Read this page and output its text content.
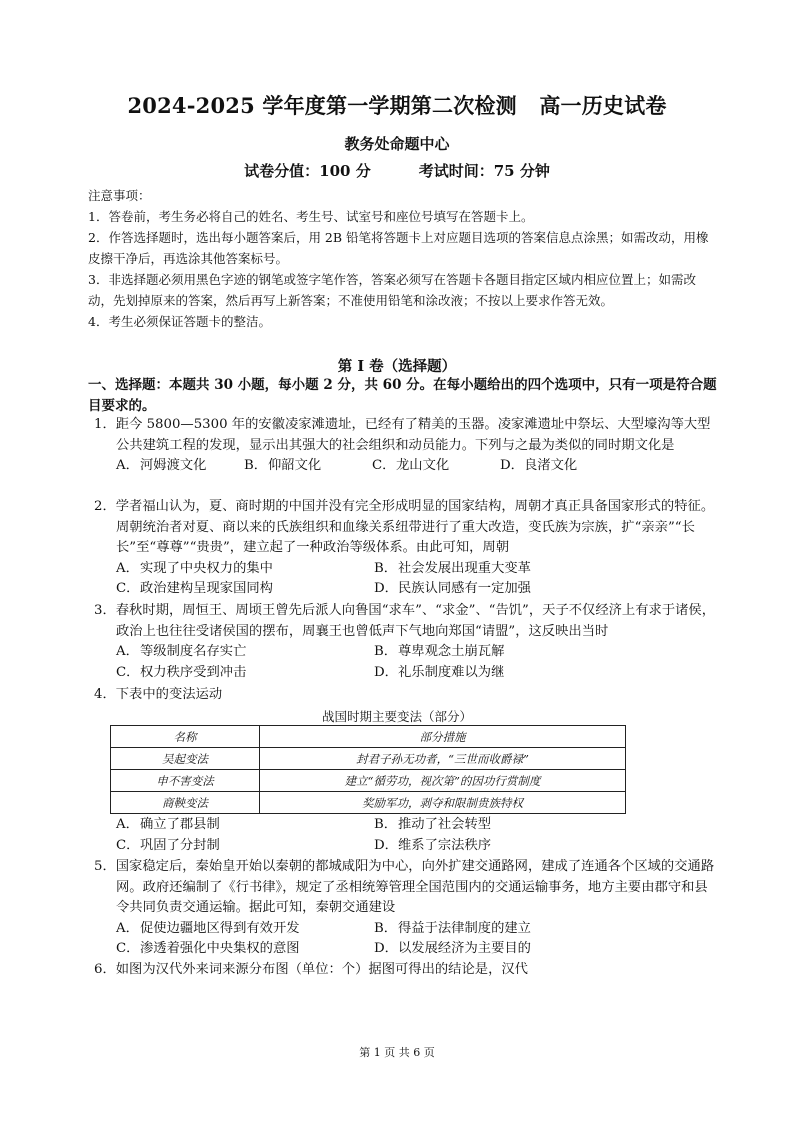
2024-2025 学年度第一学期第二次检测   高一历史试卷
教务处命题中心
试卷分值：100 分	考试时间：75 分钟

注意事项：

1．答卷前，考生务必将自己的姓名、考生号、试室号和座位号填写在答题卡上。

2．作答选择题时，选出每小题答案后，用 2B 铅笔将答题卡上对应题目选项的答案信息点涂黑；如需改动，用橡皮擦干净后，再选涂其他答案标号。

3．非选择题必须用黑色字迹的钢笔或签字笔作答，答案必须写在答题卡各题目指定区域内相应位置上；如需改动，先划掉原来的答案，然后再写上新答案；不准使用铅笔和涂改液；不按以上要求作答无效。

4．考生必须保证答题卡的整洁。

第 Ⅰ 卷（选择题）
一、选择题：本题共 30 小题，每小题 2 分，共 60 分。在每小题给出的四个选项中，只有一项是符合题目要求的。
1．距今 5800—5300 年的安徽凌家滩遗址，已经有了精美的玉器。凌家滩遗址中祭坛、大型壕沟等大型公共建筑工程的发现，显示出其强大的社会组织和动员能力。下列与之最为类似的同时期文化是
A．河姆渡文化	B．仰韶文化	C．龙山文化	D．良渚文化
2．学者福山认为，夏、商时期的中国并没有完全形成明显的国家结构，周朝才真正具备国家形式的特征。周朝统治者对夏、商以来的氏族组织和血缘关系纽带进行了重大改造，变氏族为宗族，扩“亲亲”“长长”至“尊尊”“贵贵”，建立起了一种政治等级体系。由此可知，周朝
A．实现了中央权力的集中	B．社会发展出现重大变革
C．政治建构呈现家国同构	D．民族认同感有一定加强
3．春秋时期，周恒王、周顷王曾先后派人向鲁国“求车”、“求金”、“告饥”，天子不仅经济上有求于诸侯，政治上也往往受诸侯国的摆布，周襄王也曾低声下气地向郑国“请盟”，这反映出当时
A．等级制度名存实亡	B．尊卑观念土崩瓦解
C．权力秩序受到冲击	D．礼乐制度难以为继
4．下表中的变法运动
战国时期主要变法（部分）
名称	部分措施
吴起变法	封君子孙无功者，“三世而收爵禄”
申不害变法	建立“循劳功，视次第”的因功行赏制度
商鞅变法	奖励军功，剥夺和限制贵族特权
A．确立了郡县制	B．推动了社会转型
C．巩固了分封制	D．维系了宗法秩序
5．国家稳定后，秦始皇开始以秦朝的都城咸阳为中心，向外扩建交通路网，建成了连通各个区域的交通路网。政府还编制了《行书律》，规定了丞相统筹管理全国范围内的交通运输事务，地方主要由郡守和县令共同负责交通运输。据此可知，秦朝交通建设
A．促使边疆地区得到有效开发	B．得益于法律制度的建立
C．渗透着强化中央集权的意图	D．以发展经济为主要目的
6．如图为汉代外来词来源分布图（单位：个）据图可得出的结论是，汉代
第 1 页 共 6 页
